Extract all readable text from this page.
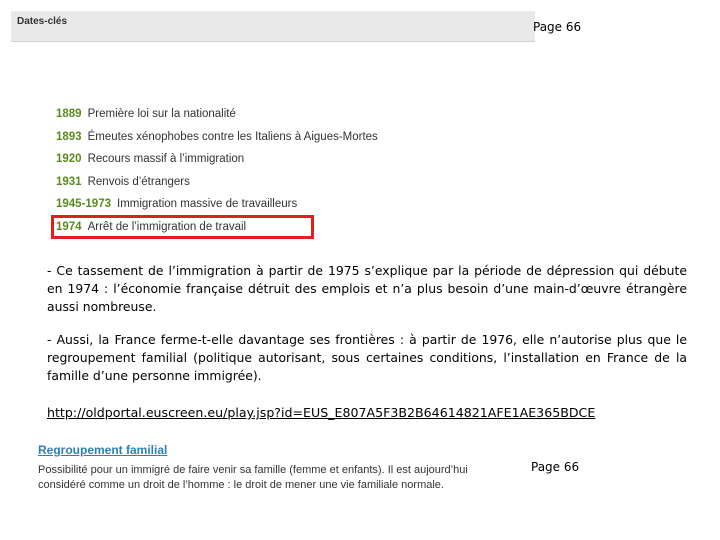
Dates-clés	Page 66
1889 Première loi sur la nationalité
1893 Émeutes xénophobes contre les Italiens à Aigues-Mortes
1920 Recours massif à l’immigration
1931 Renvois d’étrangers
1945-1973 Immigration massive de travailleurs
1974 Arrêt de l’immigration de travail
- Ce tassement de l’immigration à partir de 1975 s’explique par la période de dépression qui débute en 1974 : l’économie française détruit des emplois et n’a plus besoin d’une main-d’œuvre étrangère aussi nombreuse.
- Aussi, la France ferme-t-elle davantage ses frontières : à partir de 1976, elle n’autorise plus que le regroupement familial (politique autorisant, sous certaines conditions, l’installation en France de la famille d’une personne immigrée).
http://oldportal.euscreen.eu/play.jsp?id=EUS_E807A5F3B2B64614821AFE1AE365BDCE
Regroupement familial
Possibilité pour un immigré de faire venir sa famille (femme et enfants). Il est aujourd’hui considéré comme un droit de l’homme : le droit de mener une vie familiale normale.
Page 66
